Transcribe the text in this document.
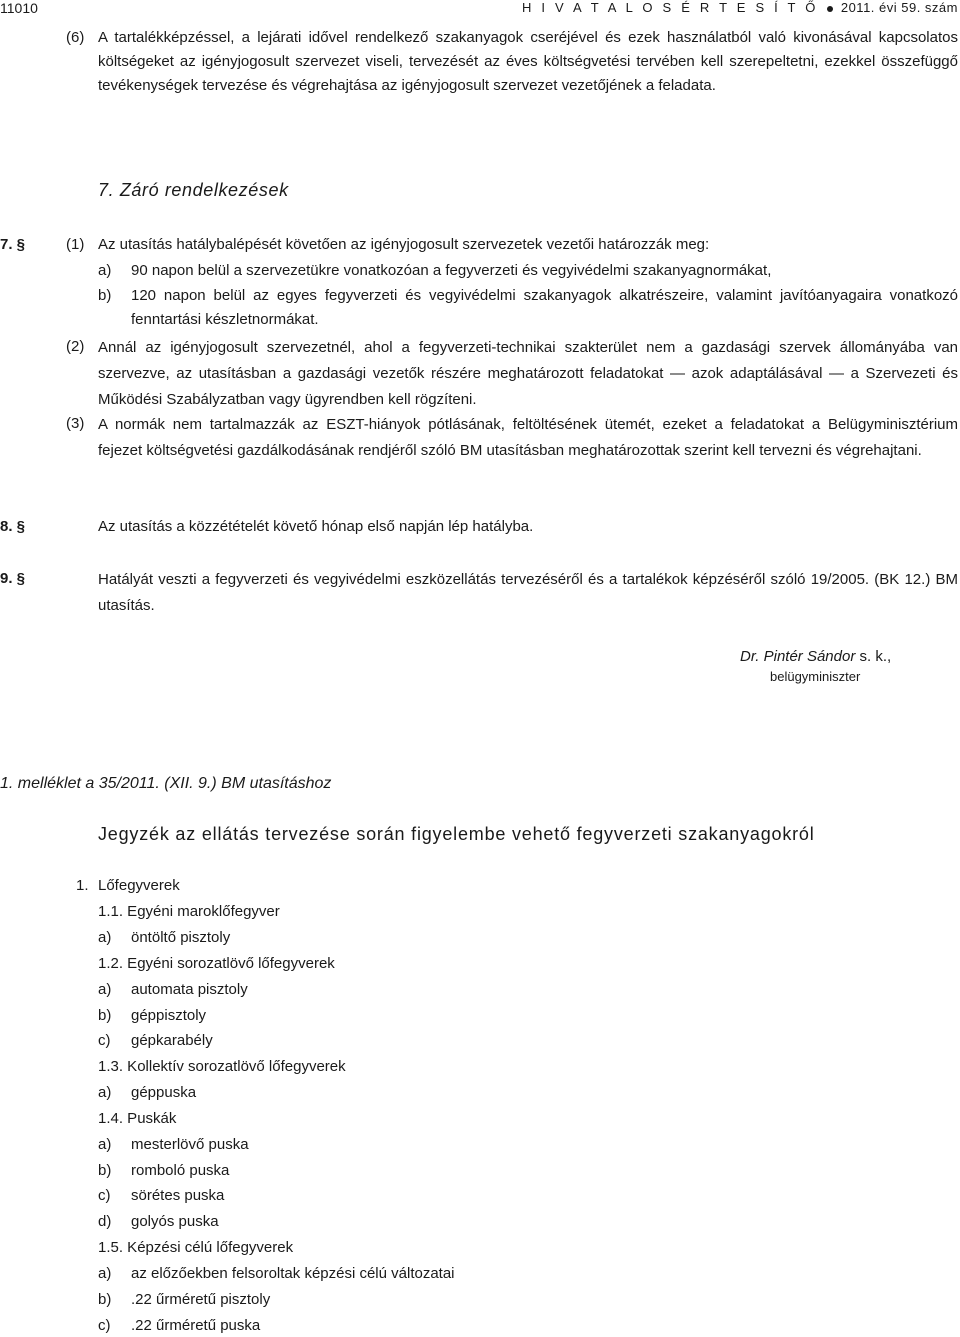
11010	H I V A T A L O S É R T E S Í T Ő 2011. évi 59. szám
(6) A tartalékképzéssel, a lejárati idővel rendelkező szakanyagok cseréjével és ezek használatból való kivonásával kapcsolatos költségeket az igényjogosult szervezet viseli, tervezését az éves költségvetési tervében kell szerepeltetni, ezekkel összefüggő tevékenységek tervezése és végrehajtása az igényjogosult szervezet vezetőjének a feladata.
7. Záró rendelkezések
7. §	(1) Az utasítás hatálybalépését követően az igényjogosult szervezetek vezetői határozzák meg:
a) 90 napon belül a szervezetükre vonatkozóan a fegyverzeti és vegyivédelmi szakanyagnormákat,
b) 120 napon belül az egyes fegyverzeti és vegyivédelmi szakanyagok alkatrészeire, valamint javítóanyagaira vonatkozó fenntartási készletnormákat.
(2) Annál az igényjogosult szervezetnél, ahol a fegyverzeti-technikai szakterület nem a gazdasági szervek állományába van szervezve, az utasításban a gazdasági vezetők részére meghatározott feladatokat — azok adaptálásával — a Szervezeti és Működési Szabályzatban vagy ügyrendben kell rögzíteni.
(3) A normák nem tartalmazzák az ESZT-hiányok pótlásának, feltöltésének ütemét, ezeket a feladatokat a Belügyminisztérium fejezet költségvetési gazdálkodásának rendjéről szóló BM utasításban meghatározottak szerint kell tervezni és végrehajtani.
8. §	Az utasítás a közzétételét követő hónap első napján lép hatályba.
9. §	Hatályát veszti a fegyverzeti és vegyivédelmi eszközellátás tervezéséről és a tartalékok képzéséről szóló 19/2005. (BK 12.) BM utasítás.
Dr. Pintér Sándor s. k.,
belügyminiszter
1. melléklet a 35/2011. (XII. 9.) BM utasításhoz
Jegyzék az ellátás tervezése során figyelembe vehető fegyverzeti szakanyagokról
1. Lőfegyverek
1.1. Egyéni maroklőfegyver
a) öntöltő pisztoly
1.2. Egyéni sorozatlövő lőfegyverek
a) automata pisztoly
b) géppisztoly
c) gépkarabély
1.3. Kollektív sorozatlövő lőfegyverek
a) géppuska
1.4. Puskák
a) mesterlövő puska
b) romboló puska
c) sörétes puska
d) golyós puska
1.5. Képzési célú lőfegyverek
a) az előzőekben felsoroltak képzési célú változatai
b) .22 űrméretű pisztoly
c) .22 űrméretű puska
